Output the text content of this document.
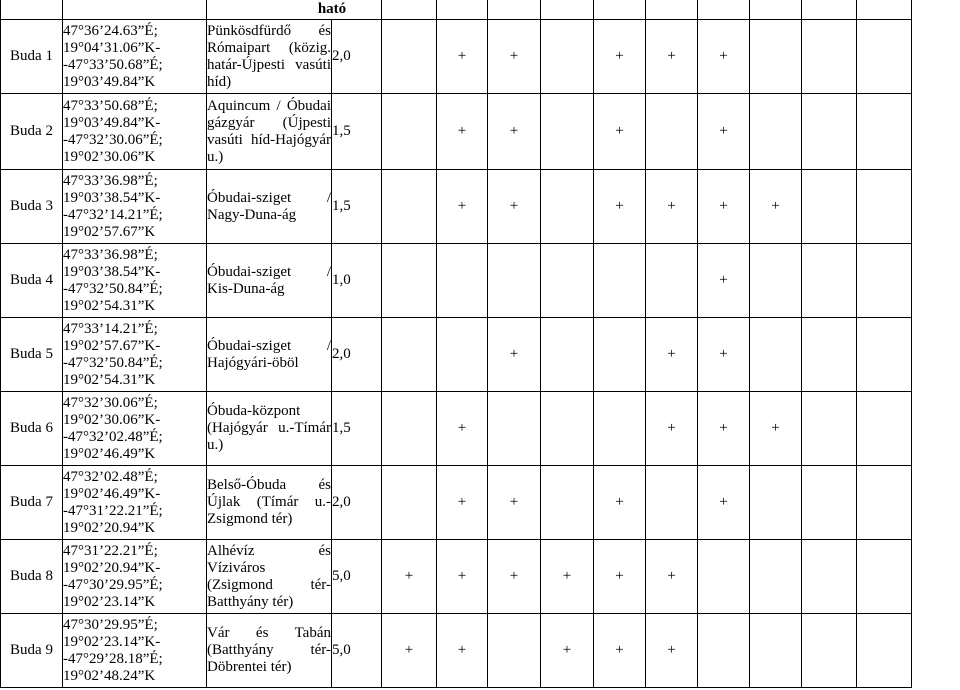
		ható											
Buda 1	47°36’24.63”É;
19°04’31.06”K-
-47°33’50.68”É;
19°03’49.84”K	Pünkösdfürdő és
Rómaipart (közig.
határ-Újpesti vasúti
híd)	2,0		+	+		+	+	+			
Buda 2	47°33’50.68”É;
19°03’49.84”K-
-47°32’30.06”É;
19°02’30.06”K	Aquincum / Óbudai
gázgyár (Újpesti
vasúti híd-Hajógyár
u.)	1,5		+	+		+		+			
Buda 3	47°33’36.98”É;
19°03’38.54”K-
-47°32’14.21”É;
19°02’57.67”K	Óbudai-sziget /
Nagy-Duna-ág	1,5		+	+		+	+	+	+		
Buda 4	47°33’36.98”É;
19°03’38.54”K-
-47°32’50.84”É;
19°02’54.31”K	Óbudai-sziget /
Kis-Duna-ág	1,0							+			
Buda 5	47°33’14.21”É;
19°02’57.67”K-
-47°32’50.84”É;
19°02’54.31”K	Óbudai-sziget /
Hajógyári-öböl	2,0			+			+	+			
Buda 6	47°32’30.06”É;
19°02’30.06”K-
-47°32’02.48”É;
19°02’46.49”K	Óbuda-központ
(Hajógyár u.-Tímár
u.)	1,5		+				+	+	+		
Buda 7	47°32’02.48”É;
19°02’46.49”K-
-47°31’22.21”É;
19°02’20.94”K	Belső-Óbuda és
Újlak (Tímár u.-
Zsigmond tér)	2,0		+	+		+		+			
Buda 8	47°31’22.21”É;
19°02’20.94”K-
-47°30’29.95”É;
19°02’23.14”K	Alhévíz és
Víziváros
(Zsigmond tér-
Batthyány tér)	5,0	+	+	+	+	+	+				
Buda 9	47°30’29.95”É;
19°02’23.14”K-
-47°29’28.18”É;
19°02’48.24”K	Vár és Tabán
(Batthyány tér-
Döbrentei tér)	5,0	+	+		+	+	+				
